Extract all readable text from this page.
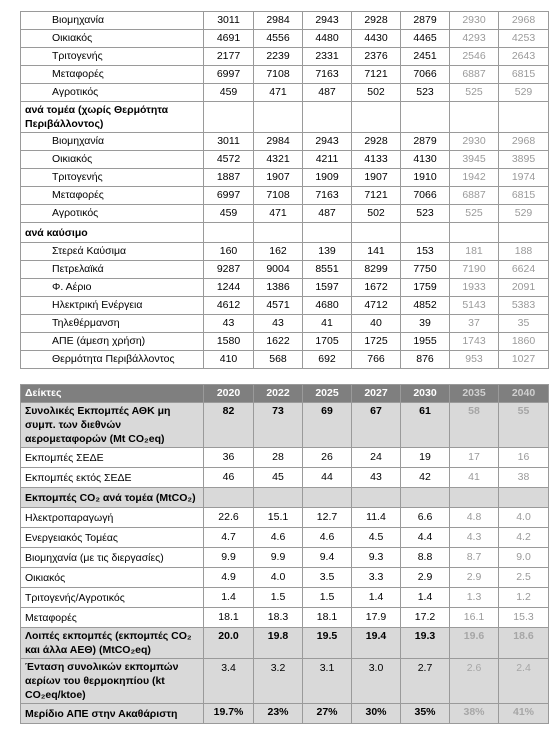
Βιομηχανία	3011	2984	2943	2928	2879	2930	2968
Οικιακός	4691	4556	4480	4430	4465	4293	4253
Τριτογενής	2177	2239	2331	2376	2451	2546	2643
Μεταφορές	6997	7108	7163	7121	7066	6887	6815
Αγροτικός	459	471	487	502	523	525	529
ανά τομέα (χωρίς Θερμότητα Περιβάλλοντος)							
Βιομηχανία	3011	2984	2943	2928	2879	2930	2968
Οικιακός	4572	4321	4211	4133	4130	3945	3895
Τριτογενής	1887	1907	1909	1907	1910	1942	1974
Μεταφορές	6997	7108	7163	7121	7066	6887	6815
Αγροτικός	459	471	487	502	523	525	529
ανά καύσιμο							
Στερεά Καύσιμα	160	162	139	141	153	181	188
Πετρελαϊκά	9287	9004	8551	8299	7750	7190	6624
Φ. Αέριο	1244	1386	1597	1672	1759	1933	2091
Ηλεκτρική Ενέργεια	4612	4571	4680	4712	4852	5143	5383
Τηλεθέρμανση	43	43	41	40	39	37	35
ΑΠΕ (άμεση χρήση)	1580	1622	1705	1725	1955	1743	1860
Θερμότητα Περιβάλλοντος	410	568	692	766	876	953	1027
Δείκτες	2020	2022	2025	2027	2030	2035	2040
Συνολικές Εκπομπές ΑΘΚ μη συμπ. των διεθνών αερομεταφορών (Mt CO₂eq)	82	73	69	67	61	58	55
Εκπομπές ΣΕΔΕ	36	28	26	24	19	17	16
Εκπομπές εκτός ΣΕΔΕ	46	45	44	43	42	41	38
Εκπομπές CO₂ ανά τομέα (MtCO₂)							
Ηλεκτροπαραγωγή	22.6	15.1	12.7	11.4	6.6	4.8	4.0
Ενεργειακός Τομέας	4.7	4.6	4.6	4.5	4.4	4.3	4.2
Βιομηχανία (με τις διεργασίες)	9.9	9.9	9.4	9.3	8.8	8.7	9.0
Οικιακός	4.9	4.0	3.5	3.3	2.9	2.9	2.5
Τριτογενής/Αγροτικός	1.4	1.5	1.5	1.4	1.4	1.3	1.2
Μεταφορές	18.1	18.3	18.1	17.9	17.2	16.1	15.3
Λοιπές εκπομπές (εκπομπές CO₂ και άλλα ΑΕΘ) (MtCO₂eq)	20.0	19.8	19.5	19.4	19.3	19.6	18.6
Ένταση συνολικών εκπομπών αερίων του θερμοκηπίου (kt CO₂eq/ktoe)	3.4	3.2	3.1	3.0	2.7	2.6	2.4
Μερίδιο ΑΠΕ στην Ακαθάριστη	19.7%	23%	27%	30%	35%	38%	41%
